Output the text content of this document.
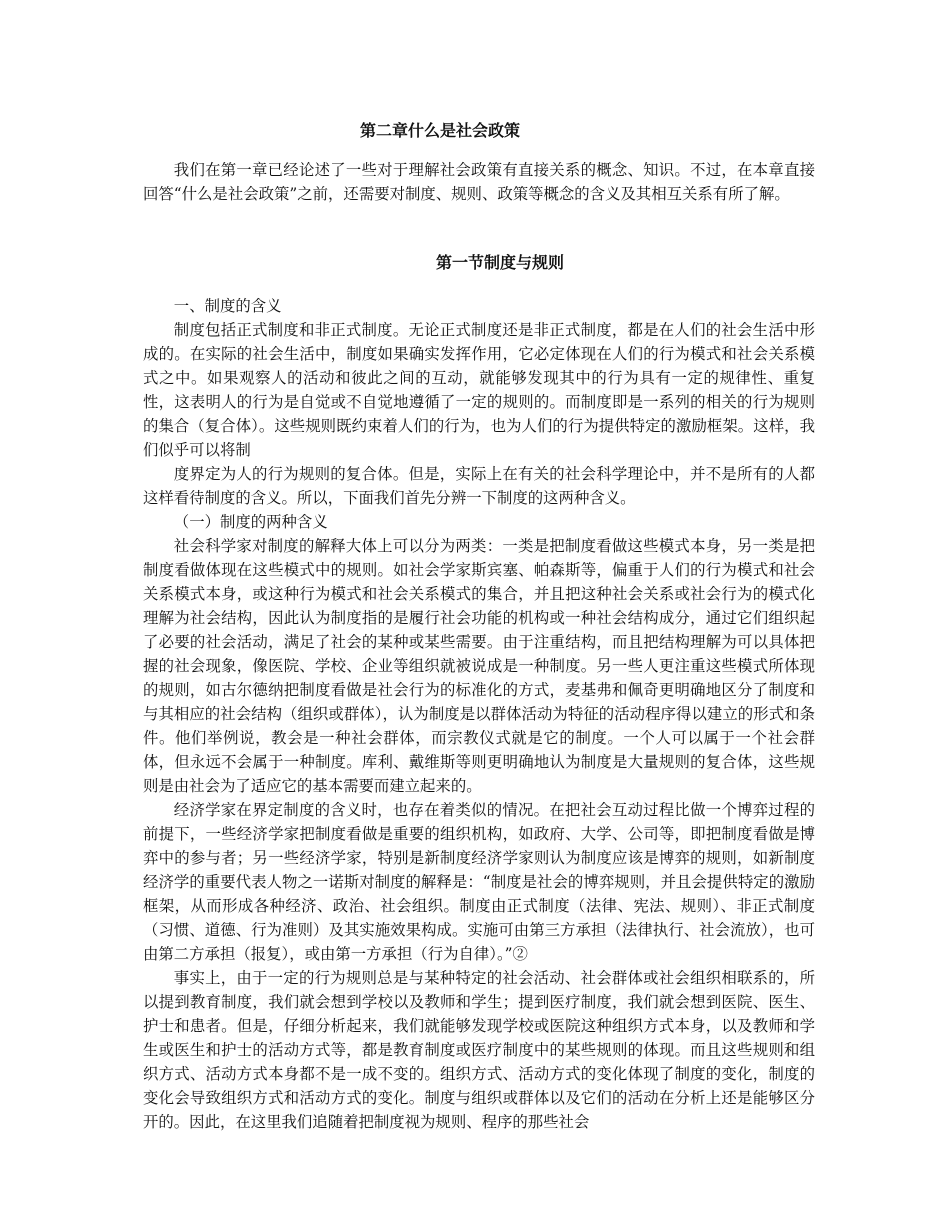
第二章什么是社会政策

我们在第一章已经论述了一些对于理解社会政策有直接关系的概念、知识。不过，在本章直接回答“什么是社会政策”之前，还需要对制度、规则、政策等概念的含义及其相互关系有所了解。

第一节制度与规则

一、制度的含义

制度包括正式制度和非正式制度。无论正式制度还是非正式制度，都是在人们的社会生活中形成的。在实际的社会生活中，制度如果确实发挥作用，它必定体现在人们的行为模式和社会关系模式之中。如果观察人的活动和彼此之间的互动，就能够发现其中的行为具有一定的规律性、重复性，这表明人的行为是自觉或不自觉地遵循了一定的规则的。而制度即是一系列的相关的行为规则的集合（复合体）。这些规则既约束着人们的行为，也为人们的行为提供特定的激励框架。这样，我们似乎可以将制

度界定为人的行为规则的复合体。但是，实际上在有关的社会科学理论中，并不是所有的人都这样看待制度的含义。所以，下面我们首先分辨一下制度的这两种含义。

（一）制度的两种含义

社会科学家对制度的解释大体上可以分为两类：一类是把制度看做这些模式本身，另一类是把制度看做体现在这些模式中的规则。如社会学家斯宾塞、帕森斯等，偏重于人们的行为模式和社会关系模式本身，或这种行为模式和社会关系模式的集合，并且把这种社会关系或社会行为的模式化理解为社会结构，因此认为制度指的是履行社会功能的机构或一种社会结构成分，通过它们组织起了必要的社会活动，满足了社会的某种或某些需要。由于注重结构，而且把结构理解为可以具体把握的社会现象，像医院、学校、企业等组织就被说成是一种制度。另一些人更注重这些模式所体现的规则，如古尔德纳把制度看做是社会行为的标准化的方式，麦基弗和佩奇更明确地区分了制度和与其相应的社会结构（组织或群体），认为制度是以群体活动为特征的活动程序得以建立的形式和条件。他们举例说，教会是一种社会群体，而宗教仪式就是它的制度。一个人可以属于一个社会群体，但永远不会属于一种制度。库利、戴维斯等则更明确地认为制度是大量规则的复合体，这些规则是由社会为了适应它的基本需要而建立起来的。

经济学家在界定制度的含义时，也存在着类似的情况。在把社会互动过程比做一个博弈过程的前提下，一些经济学家把制度看做是重要的组织机构，如政府、大学、公司等，即把制度看做是博弈中的参与者；另一些经济学家，特别是新制度经济学家则认为制度应该是博弈的规则，如新制度经济学的重要代表人物之一诺斯对制度的解释是：“制度是社会的博弈规则，并且会提供特定的激励框架，从而形成各种经济、政治、社会组织。制度由正式制度（法律、宪法、规则）、非正式制度（习惯、道德、行为准则）及其实施效果构成。实施可由第三方承担（法律执行、社会流放），也可由第二方承担（报复），或由第一方承担（行为自律）。”②

事实上，由于一定的行为规则总是与某种特定的社会活动、社会群体或社会组织相联系的，所以提到教育制度，我们就会想到学校以及教师和学生；提到医疗制度，我们就会想到医院、医生、护士和患者。但是，仔细分析起来，我们就能够发现学校或医院这种组织方式本身，以及教师和学生或医生和护士的活动方式等，都是教育制度或医疗制度中的某些规则的体现。而且这些规则和组织方式、活动方式本身都不是一成不变的。组织方式、活动方式的变化体现了制度的变化，制度的变化会导致组织方式和活动方式的变化。制度与组织或群体以及它们的活动在分析上还是能够区分开的。因此，在这里我们追随着把制度视为规则、程序的那些社会
